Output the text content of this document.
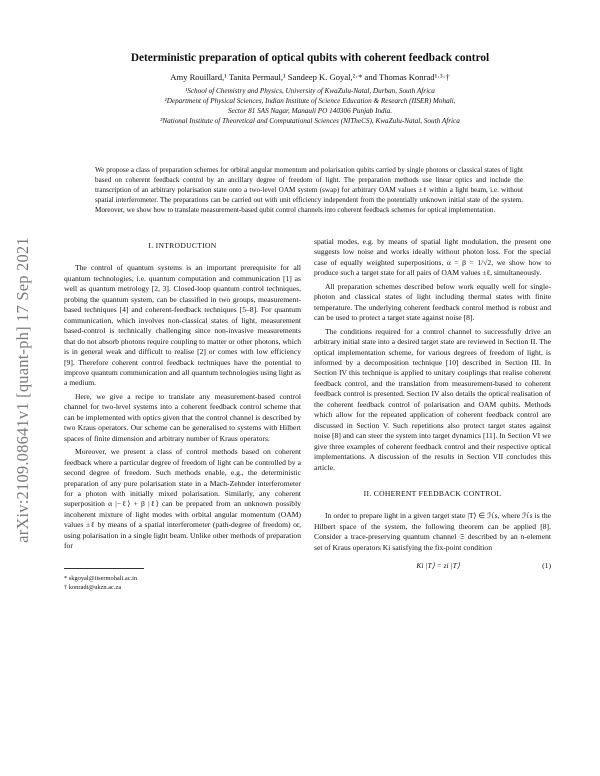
arXiv:2109.08641v1 [quant-ph] 17 Sep 2021
Deterministic preparation of optical qubits with coherent feedback control
Amy Rouillard,¹ Tanita Permaul,¹ Sandeep K. Goyal,²·* and Thomas Konrad¹·³·†
¹School of Chemistry and Physics, University of KwaZulu-Natal, Durban, South Africa
²Department of Physical Sciences, Indian Institute of Science Education & Research (IISER) Mohali,
Sector 81 SAS Nagar, Manauli PO 140306 Punjab India.
³National Institute of Theoretical and Computational Sciences (NITheCS), KwaZulu-Natal, South Africa
We propose a class of preparation schemes for orbital angular momentum and polarisation qubits carried by single photons or classical states of light based on coherent feedback control by an ancillary degree of freedom of light. The preparation methods use linear optics and include the transcription of an arbitrary polarisation state onto a two-level OAM system (swap) for arbitrary OAM values ±ℓ within a light beam, i.e. without spatial interferometer. The preparations can be carried out with unit efficiency independent from the potentially unknown initial state of the system. Moreover, we show how to translate measurement-based qubit control channels into coherent feedback schemes for optical implementation.
I. INTRODUCTION

The control of quantum systems is an important prerequisite for all quantum technologies, i.e. quantum computation and communication [1] as well as quantum metrology [2, 3]. Closed-loop quantum control techniques, probing the quantum system, can be classified in two groups, measurement-based techniques [4] and coherent-feedback techniques [5–8]. For quantum communication, which involves non-classical states of light, measurement based-control is technically challenging since non-invasive measurements that do not absorb photons require coupling to matter or other photons, which is in general weak and difficult to realise [2] or comes with low efficiency [9]. Therefore coherent control feedback techniques have the potential to improve quantum communication and all quantum technologies using light as a medium.

Here, we give a recipe to translate any measurement-based control channel for two-level systems into a coherent feedback control scheme that can be implemented with optics given that the control channel is described by two Kraus operators. Our scheme can be generalised to systems with Hilbert spaces of finite dimension and arbitrary number of Kraus operators.

Moreover, we present a class of control methods based on coherent feedback where a particular degree of freedom of light can be controlled by a second degree of freedom. Such methods enable, e.g., the deterministic preparation of any pure polarisation state in a Mach-Zehnder interferometer for a photon with initially mixed polarisation. Similarly, any coherent superposition α |−ℓ⟩ + β |ℓ⟩ can be prepared from an unknown possibly incoherent mixture of light modes with orbital angular momentum (OAM) values ±ℓ by means of a spatial interferometer (path-degree of freedom) or, using polarisation in a single light beam. Unlike other methods of preparation for

* skgoyal@iisermohali.ac.in
† konradt@ukzn.ac.za

spatial modes, e.g. by means of spatial light modulation, the present one suggests low noise and works ideally without photon loss. For the special case of equally weighted superpositions, α = β = 1/√2, we show how to produce such a target state for all pairs of OAM values ±ℓ, simultaneously.

All preparation schemes described below work equally well for single-photon and classical states of light including thermal states with finite temperature. The underlying coherent feedback control method is robust and can be used to protect a target state against noise [8].

The conditions required for a control channel to successfully drive an arbitrary initial state into a desired target state are reviewed in Section II. The optical implementation scheme, for various degrees of freedom of light, is informed by a decomposition technique [10] described in Section III. In Section IV this technique is applied to unitary couplings that realise coherent feedback control, and the translation from measurement-based to coherent feedback control is presented. Section IV also details the optical realisation of the coherent feedback control of polarisation and OAM qubits. Methods which allow for the repeated application of coherent feedback control are discussed in Section V. Such repetitions also protect target states against noise [8] and can steer the system into target dynamics [11]. In Section VI we give three examples of coherent feedback control and their respective optical implementations. A discussion of the results in Section VII concludes this article.

II. COHERENT FEEDBACK CONTROL

In order to prepare light in a given target state |T⟩ ∈ ℋs, where ℋs is the Hilbert space of the system, the following theorem can be applied [8]. Consider a trace-preserving quantum channel 𝔖 described by an n-element set of Kraus operators Ki satisfying the fix-point condition

Ki |T⟩ = zi |T⟩	(1)
